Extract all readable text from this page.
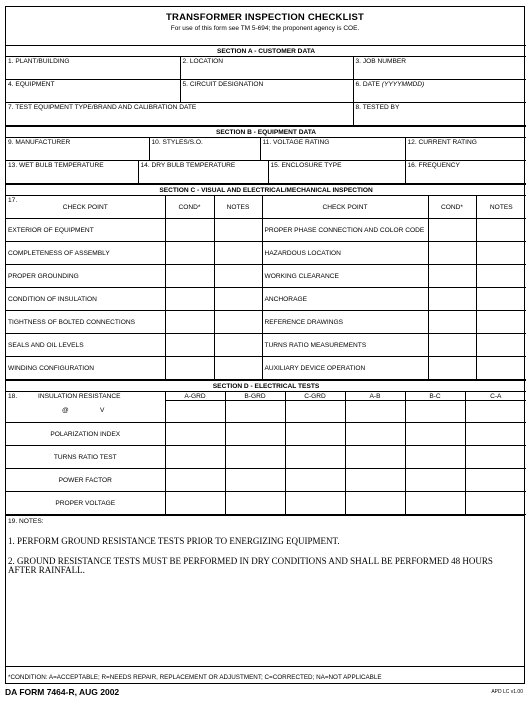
TRANSFORMER INSPECTION CHECKLIST
For use of this form see TM 5-694; the proponent agency is COE.
SECTION A - CUSTOMER DATA		

1. PLANT/BUILDING	2. LOCATION	3. JOB NUMBER

4. EQUIPMENT	5. CIRCUIT DESIGNATION	6. DATE (YYYYMMDD)

7. TEST EQUIPMENT TYPE/BRAND AND CALIBRATION DATE		8. TESTED BY
SECTION B - EQUIPMENT DATA					

9. MANUFACTURER		10. STYLES/S.O.	11. VOLTAGE RATING		12. CURRENT RATING

13. WET BULB TEMPERATURE	14. DRY BULB TEMPERATURE			15. ENCLOSURE TYPE	16. FREQUENCY
SECTION C - VISUAL AND ELECTRICAL/MECHANICAL INSPECTION					

17.
CHECK POINT	COND*	NOTES	CHECK POINT	COND*	NOTES
EXTERIOR OF EQUIPMENT			PROPER PHASE CONNECTION AND COLOR CODE		
COMPLETENESS OF ASSEMBLY			HAZARDOUS LOCATION		
PROPER GROUNDING			WORKING CLEARANCE		
CONDITION OF INSULATION			ANCHORAGE		
TIGHTNESS OF BOLTED CONNECTIONS			REFERENCE DRAWINGS		
SEALS AND OIL LEVELS			TURNS RATIO MEASUREMENTS		
WINDING CONFIGURATION			AUXILIARY DEVICE OPERATION		
SECTION D - ELECTRICAL TESTS						

18. INSULATION RESISTANCE
@ V	A-GRD	B-GRD	C-GRD	A-B	B-C	C-A

POLARIZATION INDEX						
TURNS RATIO TEST						
POWER FACTOR						
PROPER VOLTAGE						
19. NOTES:
1. PERFORM GROUND RESISTANCE TESTS PRIOR TO ENERGIZING EQUIPMENT.
2. GROUND RESISTANCE TESTS MUST BE PERFORMED IN DRY CONDITIONS AND SHALL BE PERFORMED 48 HOURS AFTER RAINFALL.

*CONDITION: A=ACCEPTABLE; R=NEEDS REPAIR, REPLACEMENT OR ADJUSTMENT; C=CORRECTED; NA=NOT APPLICABLE
DA FORM 7464-R, AUG 2002	APD LC v1.00
